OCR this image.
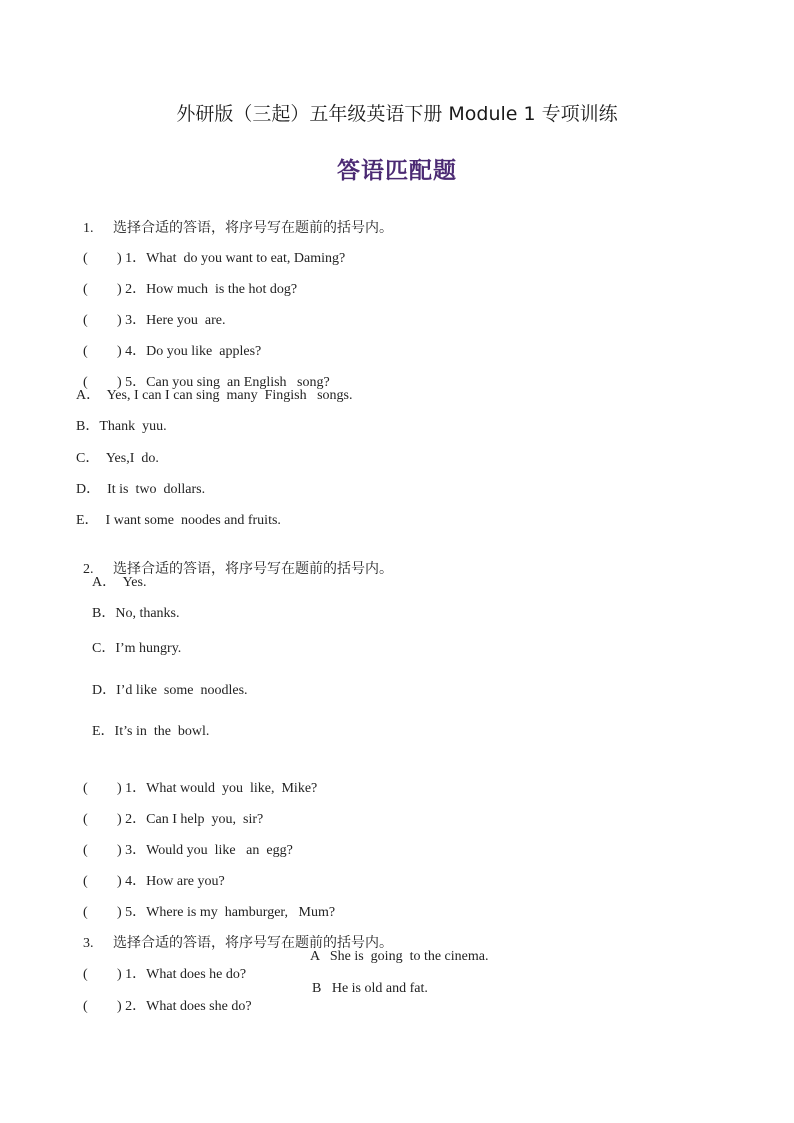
外研版（三起）五年级英语下册 Module 1 专项训练
答语匹配题

1. 选择合适的答语，将序号写在题前的括号内。

( ) 1．What  do you want to eat, Daming?

( ) 2．How much  is the hot dog?

( ) 3．Here you  are.

( ) 4．Do you like  apples?

( ) 5．Can you sing  an English   song?

A．  Yes, I can I can sing  many  Fingish   songs.
B．Thank  yuu.
C．  Yes,I  do.
D．  It is  two  dollars.
E．  I want some  noodes and fruits.

2. 选择合适的答语，将序号写在题前的括号内。

A．  Yes.
B．No, thanks.
C．I’m hungry.
D．I’d like  some  noodles.
E．It’s in  the  bowl.

( ) 1．What would  you  like,  Mike?

( ) 2．Can I help  you,  sir?

( ) 3．Would you  like   an  egg?

( ) 4．How are you?

( ) 5．Where is my  hamburger,   Mum?

3. 选择合适的答语，将序号写在题前的括号内。

( ) 1．What does he do?

A   She is  going  to the cinema.

( ) 2．What does she do?

B   He is old and fat.
